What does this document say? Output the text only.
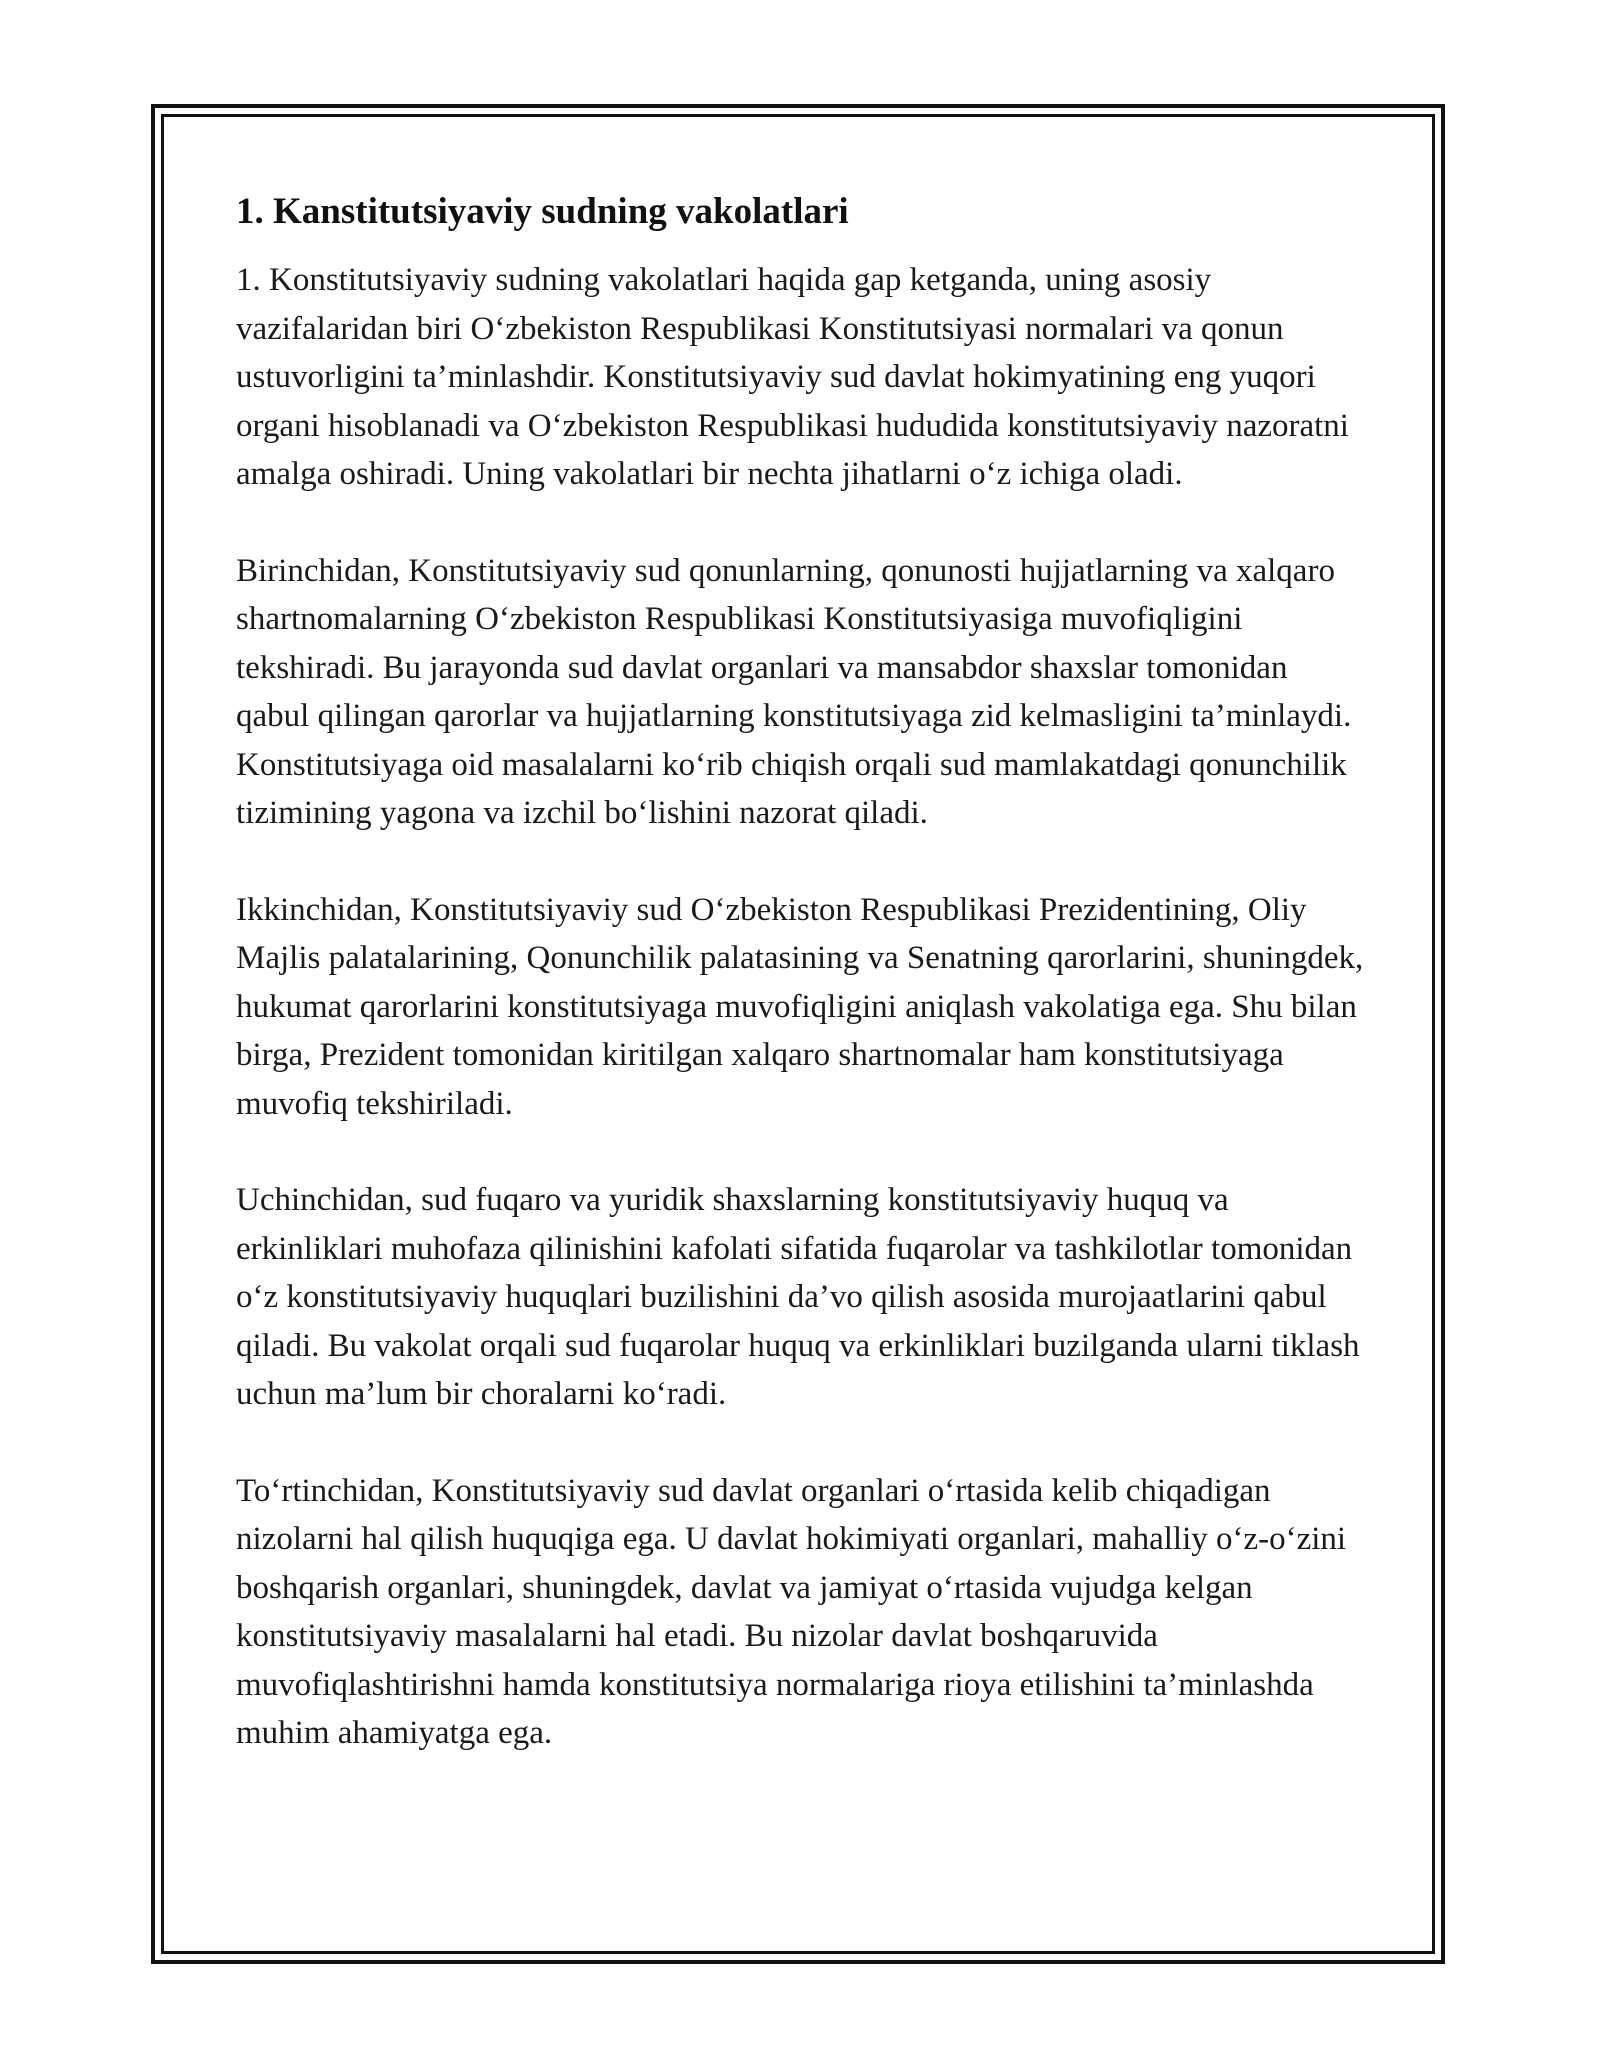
1. Kanstitutsiyaviy sudning vakolatlari

1. Konstitutsiyaviy sudning vakolatlari haqida gap ketganda, uning asosiy vazifalaridan biri O‘zbekiston Respublikasi Konstitutsiyasi normalari va qonun ustuvorligini ta’minlashdir. Konstitutsiyaviy sud davlat hokimyatining eng yuqori organi hisoblanadi va O‘zbekiston Respublikasi hududida konstitutsiyaviy nazoratni amalga oshiradi. Uning vakolatlari bir nechta jihatlarni o‘z ichiga oladi.

Birinchidan, Konstitutsiyaviy sud qonunlarning, qonunosti hujjatlarning va xalqaro shartnomalarning O‘zbekiston Respublikasi Konstitutsiyasiga muvofiqligini tekshiradi. Bu jarayonda sud davlat organlari va mansabdor shaxslar tomonidan qabul qilingan qarorlar va hujjatlarning konstitutsiyaga zid kelmasligini ta’minlaydi. Konstitutsiyaga oid masalalarni ko‘rib chiqish orqali sud mamlakatdagi qonunchilik tizimining yagona va izchil bo‘lishini nazorat qiladi.

Ikkinchidan, Konstitutsiyaviy sud O‘zbekiston Respublikasi Prezidentining, Oliy Majlis palatalarining, Qonunchilik palatasining va Senatning qarorlarini, shuningdek, hukumat qarorlarini konstitutsiyaga muvofiqligini aniqlash vakolatiga ega. Shu bilan birga, Prezident tomonidan kiritilgan xalqaro shartnomalar ham konstitutsiyaga muvofiq tekshiriladi.

Uchinchidan, sud fuqaro va yuridik shaxslarning konstitutsiyaviy huquq va erkinliklari muhofaza qilinishini kafolati sifatida fuqarolar va tashkilotlar tomonidan o‘z konstitutsiyaviy huquqlari buzilishini da’vo qilish asosida murojaatlarini qabul qiladi. Bu vakolat orqali sud fuqarolar huquq va erkinliklari buzilganda ularni tiklash uchun ma’lum bir choralarni ko‘radi.

To‘rtinchidan, Konstitutsiyaviy sud davlat organlari o‘rtasida kelib chiqadigan nizolarni hal qilish huquqiga ega. U davlat hokimiyati organlari, mahalliy o‘z-o‘zini boshqarish organlari, shuningdek, davlat va jamiyat o‘rtasida vujudga kelgan konstitutsiyaviy masalalarni hal etadi. Bu nizolar davlat boshqaruvida muvofiqlashtirishni hamda konstitutsiya normalariga rioya etilishini ta’minlashda muhim ahamiyatga ega.
